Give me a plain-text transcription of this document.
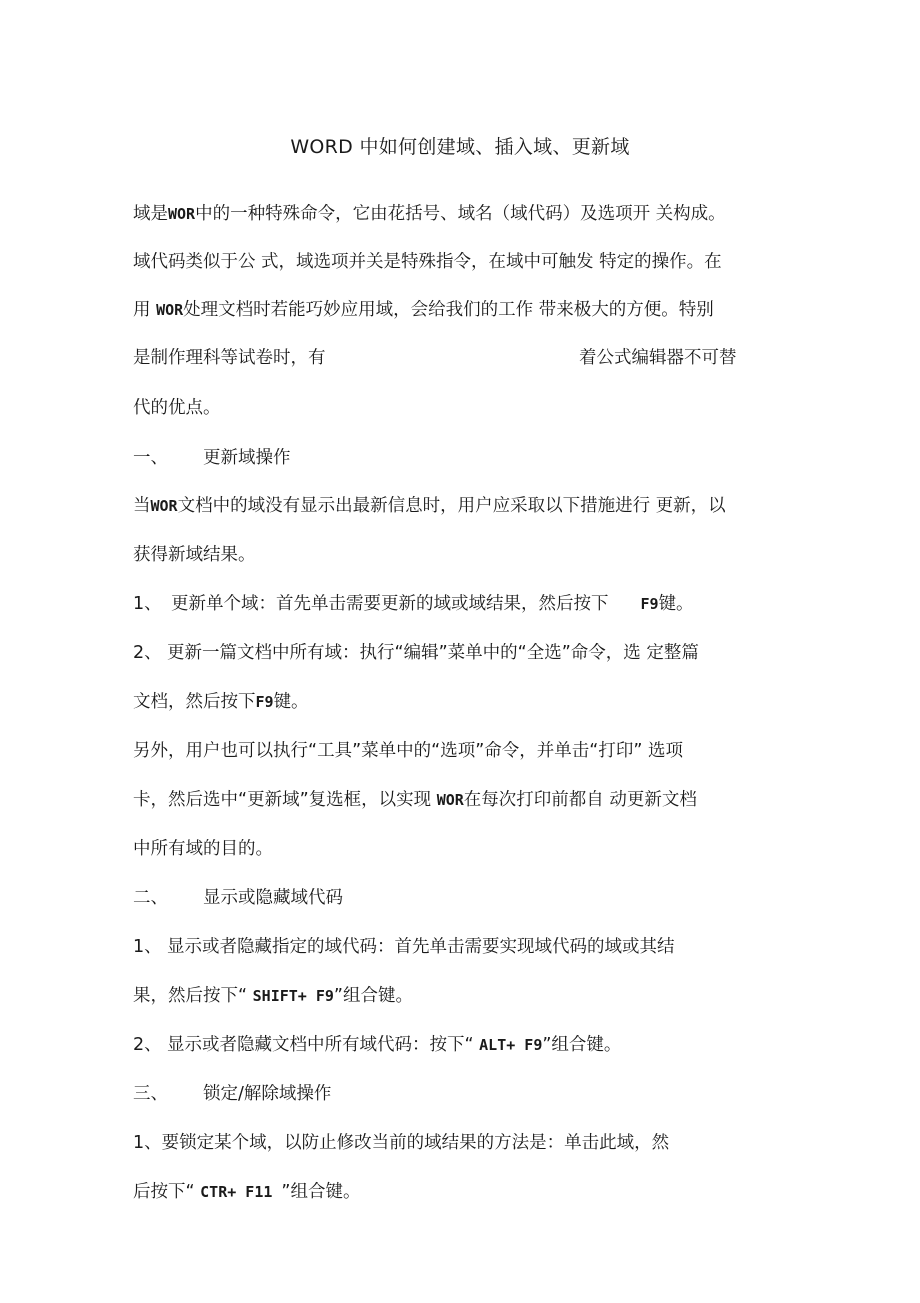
WORD 中如何创建域、插入域、更新域
域是WOR中的一种特殊命令，它由花括号、域名（域代码）及选项开 关构成。
域代码类似于公 式，域选项并关是特殊指令，在域中可触发 特定的操作。在
用 WOR处理文档时若能巧妙应用域，会给我们的工作 带来极大的方便。特别
是制作理科等试卷时，有	着公式编辑器不可替
代的优点。
一、 更新域操作
当WOR文档中的域没有显示出最新信息时，用户应采取以下措施进行 更新，以
获得新域结果。
1、 更新单个域：首先单击需要更新的域或域结果，然后按下 F9键。
2、 更新一篇文档中所有域：执行“编辑”菜单中的“全选”命令，选 定整篇
文档，然后按下F9键。
另外，用户也可以执行“工具”菜单中的“选项”命令，并单击“打印” 选项
卡，然后选中“更新域”复选框，以实现 WOR在每次打印前都自 动更新文档
中所有域的目的。
二、 显示或隐藏域代码
1、 显示或者隐藏指定的域代码：首先单击需要实现域代码的域或其结
果，然后按下“ SHIFT+ F9”组合键。
2、 显示或者隐藏文档中所有域代码：按下“ ALT+ F9”组合键。
三、 锁定/解除域操作
1、要锁定某个域，以防止修改当前的域结果的方法是：单击此域，然
后按下“ CTR+ F11 ”组合键。
